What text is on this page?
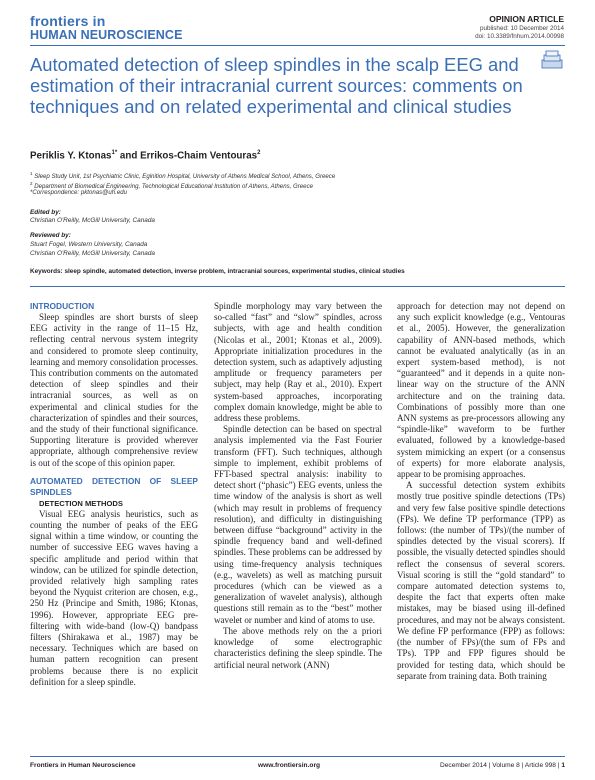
frontiers in
HUMAN NEUROSCIENCE
OPINION ARTICLE
published: 10 December 2014
doi: 10.3389/fnhum.2014.00998
Automated detection of sleep spindles in the scalp EEG and estimation of their intracranial current sources: comments on techniques and on related experimental and clinical studies
Periklis Y. Ktonas$^{1*}$ and Errikos-Chaim Ventouras$^2$
$^1$ Sleep Study Unit, 1st Psychiatric Clinic, Eginition Hospital, University of Athens Medical School, Athens, Greece
$^2$ Department of Biomedical Engineering, Technological Educational Institution of Athens, Athens, Greece
*Correspondence: pktonas@uh.edu
Edited by:
Christian O'Reilly, McGill University, Canada
Reviewed by:
Stuart Fogel, Western University, Canada
Christian O'Reilly, McGill University, Canada
Keywords: sleep spindle, automated detection, inverse problem, intracranial sources, experimental studies, clinical studies

INTRODUCTION

Sleep spindles are short bursts of sleep EEG activity in the range of 11–15 Hz, reflecting central nervous system integrity and considered to promote sleep continuity, learning and memory consolidation processes. This contribution comments on the automated detection of sleep spindles and their intracranial sources, as well as on experimental and clinical studies for the characterization of spindles and their sources, and the study of their functional significance. Supporting literature is provided wherever appropriate, although comprehensive review is out of the scope of this opinion paper.

AUTOMATED DETECTION OF SLEEP SPINDLES

DETECTION METHODS

Visual EEG analysis heuristics, such as counting the number of peaks of the EEG signal within a time window, or counting the number of successive EEG waves having a specific amplitude and period within that window, can be utilized for spindle detection, provided relatively high sampling rates beyond the Nyquist criterion are chosen, e.g., 250 Hz (Principe and Smith, 1986; Ktonas, 1996). However, appropriate EEG pre-filtering with wide-band (low-Q) bandpass filters (Shirakawa et al., 1987) may be necessary. Techniques which are based on human pattern recognition can present problems because there is no explicit definition for a sleep spindle.

Spindle morphology may vary between the so-called “fast” and “slow” spindles, across subjects, with age and health condition (Nicolas et al., 2001; Ktonas et al., 2009). Appropriate initialization procedures in the detection system, such as adaptively adjusting amplitude or frequency parameters per subject, may help (Ray et al., 2010). Expert system-based approaches, incorporating complex domain knowledge, might be able to address these problems.

Spindle detection can be based on spectral analysis implemented via the Fast Fourier transform (FFT). Such techniques, although simple to implement, exhibit problems of FFT-based spectral analysis: inability to detect short (“phasic”) EEG events, unless the time window of the analysis is short as well (which may result in problems of frequency resolution), and difficulty in distinguishing between diffuse “background” activity in the spindle frequency band and well-defined spindles. These problems can be addressed by using time-frequency analysis techniques (e.g., wavelets) as well as matching pursuit procedures (which can be viewed as a generalization of wavelet analysis), although questions still remain as to the “best” mother wavelet or number and kind of atoms to use.

The above methods rely on the a priori knowledge of some electrographic characteristics defining the sleep spindle. The artificial neural network (ANN)

approach for detection may not depend on any such explicit knowledge (e.g., Ventouras et al., 2005). However, the generalization capability of ANN-based methods, which cannot be evaluated analytically (as in an expert system-based method), is not “guaranteed” and it depends in a quite non-linear way on the structure of the ANN architecture and on the training data. Combinations of possibly more than one ANN systems as pre-processors allowing any “spindle-like” waveform to be further evaluated, followed by a knowledge-based system mimicking an expert (or a consensus of experts) for more elaborate analysis, appear to be promising approaches.

A successful detection system exhibits mostly true positive spindle detections (TPs) and very few false positive spindle detections (FPs). We define TP performance (TPP) as follows: (the number of TPs)/(the number of spindles detected by the visual scorers). If possible, the visually detected spindles should reflect the consensus of several scorers. Visual scoring is still the “gold standard” to compare automated detection systems to, despite the fact that experts often make mistakes, may be biased using ill-defined procedures, and may not be always consistent. We define FP performance (FPP) as follows: (the number of FPs)/(the sum of FPs and TPs). TPP and FPP figures should be provided for testing data, which should be separate from training data. Both training

Frontiers in Human Neuroscience	www.frontiersin.org	December 2014 | Volume 8 | Article 998 | 1
